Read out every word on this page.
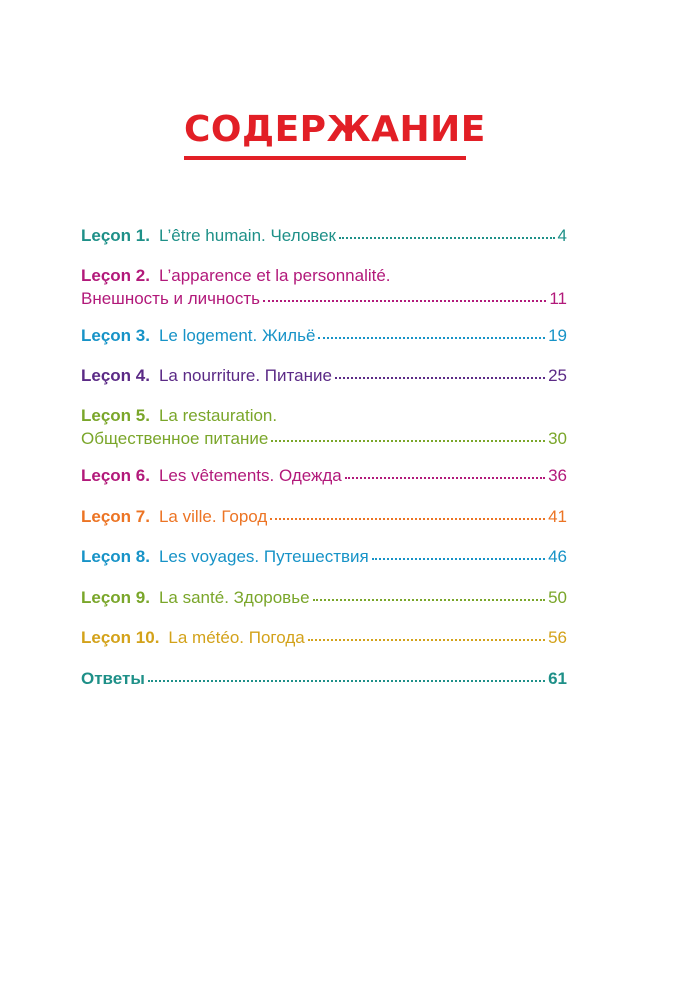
СОДЕРЖАНИЕ
Leçon 1. L’être humain. Человек	4
Leçon 2. L’apparence et la personnalité.
Внешность и личность	11
Leçon 3. Le logement. Жильё	19
Leçon 4. La nourriture. Питание	25
Leçon 5. La restauration.
Общественное питание	30
Leçon 6. Les vêtements. Одежда	36
Leçon 7. La ville. Город	41
Leçon 8. Les voyages. Путешествия	46
Leçon 9. La santé. Здоровье	50
Leçon 10. La météo. Погода	56
Ответы	61
